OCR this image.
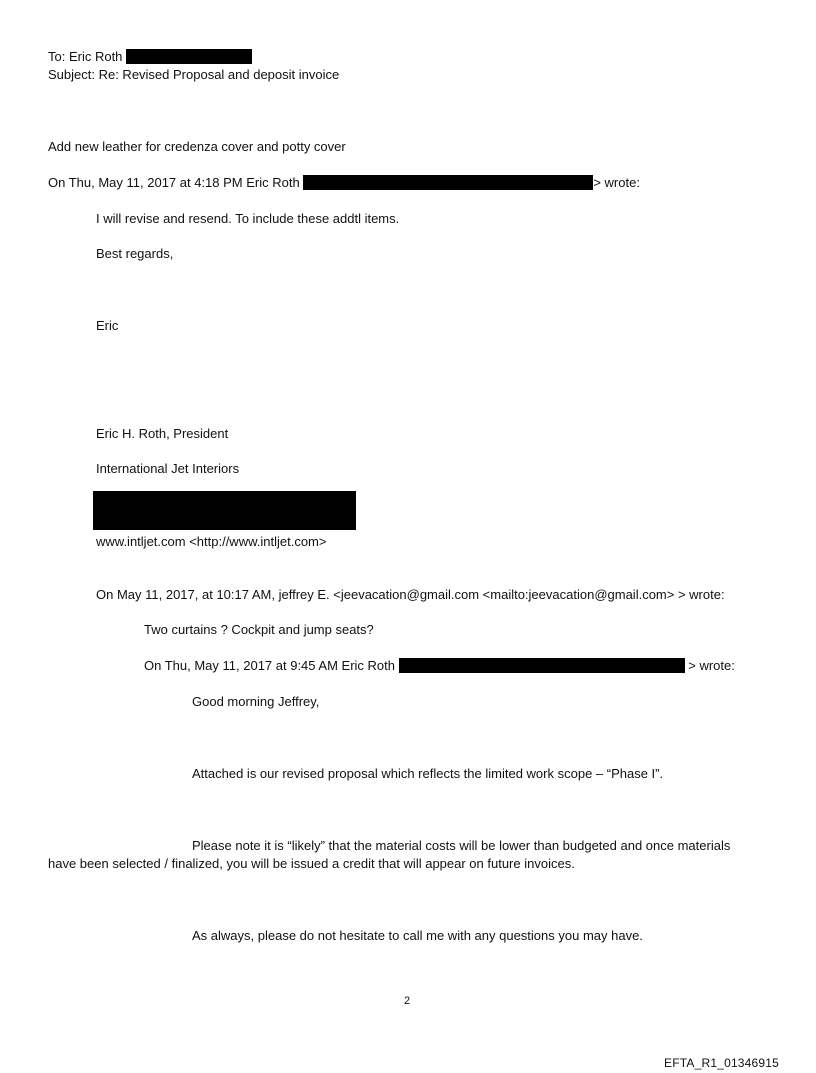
To: Eric Roth
Subject: Re: Revised Proposal and deposit invoice
Add new leather for credenza cover and potty cover
On Thu, May 11, 2017 at 4:18 PM Eric Roth	> wrote:
I will revise and resend. To include these addtl items.
Best regards,
Eric
Eric H. Roth, President
International Jet Interiors
www.intljet.com <http://www.intljet.com>
On May 11, 2017, at 10:17 AM, jeffrey E. <jeevacation@gmail.com <mailto:jeevacation@gmail.com> > wrote:
Two curtains ? Cockpit and jump seats?
On Thu, May 11, 2017 at 9:45 AM Eric Roth	> wrote:
Good morning Jeffrey,
Attached is our revised proposal which reflects the limited work scope – “Phase I”.
Please note it is “likely” that the material costs will be lower than budgeted and once materials
have been selected / finalized, you will be issued a credit that will appear on future invoices.
As always, please do not hesitate to call me with any questions you may have.
2
EFTA_R1_01346915
